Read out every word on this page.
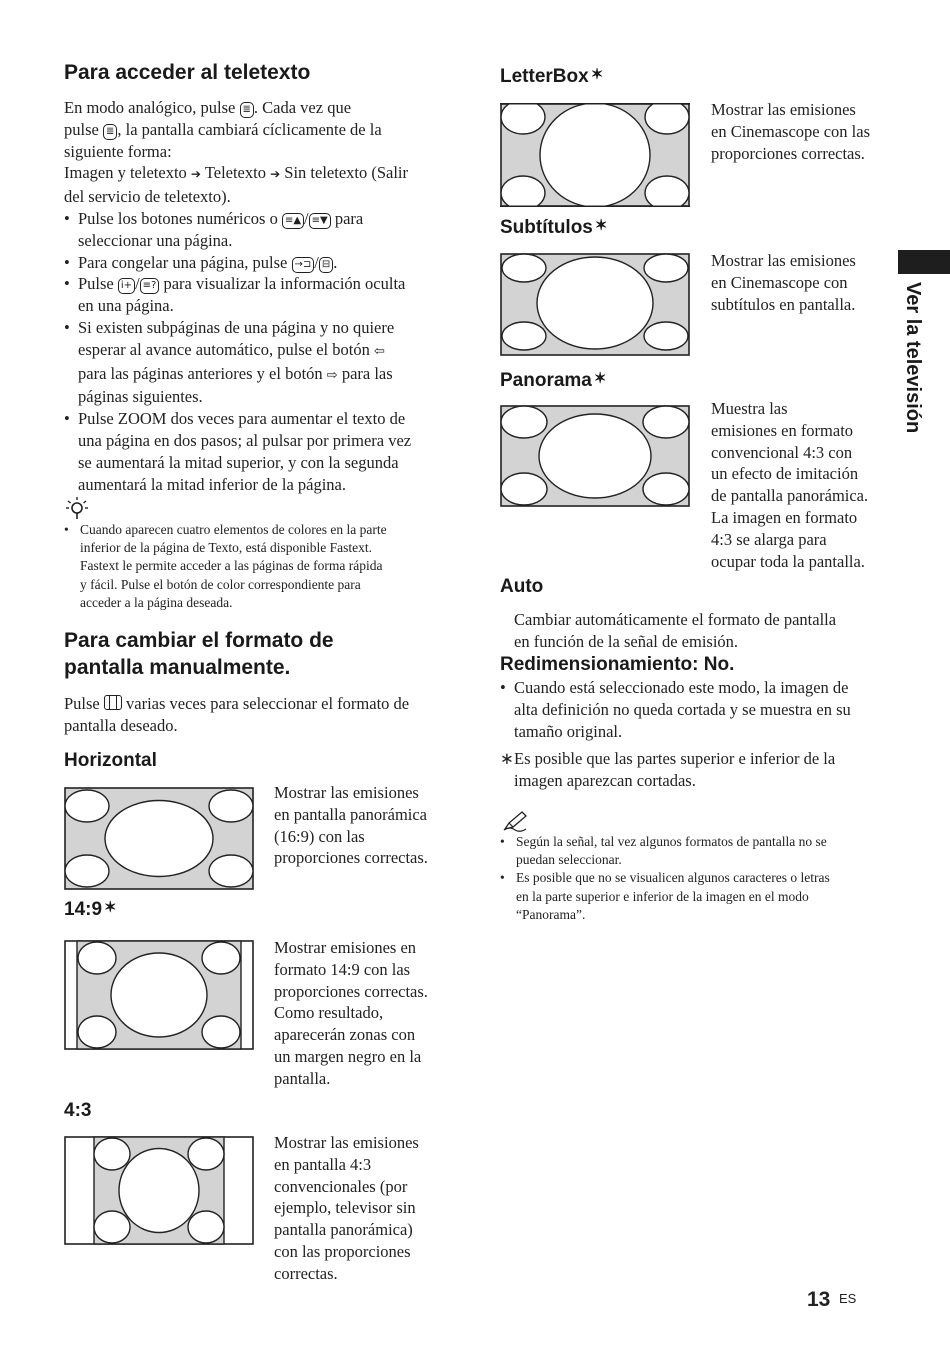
Para acceder al teletexto
En modo analógico, pulse ≣ . Cada vez que
pulse ≣ , la pantalla cambiará cíclicamente de la
siguiente forma:
Imagen y teletexto ➔ Teletexto ➔ Sin teletexto (Salir
del servicio de teletexto).
• Pulse los botones numéricos o ≡▲ / ≡▼ para
seleccionar una página.
• Para congelar una página, pulse →⊐ / ⊟ .
• Pulse i+ / ≡? para visualizar la información oculta
en una página.
• Si existen subpáginas de una página y no quiere
esperar al avance automático, pulse el botón ⇦
para las páginas anteriores y el botón ⇨ para las
páginas siguientes.
• Pulse ZOOM dos veces para aumentar el texto de
una página en dos pasos; al pulsar por primera vez
se aumentará la mitad superior, y con la segunda
aumentará la mitad inferior de la página.
• Cuando aparecen cuatro elementos de colores en la parte
inferior de la página de Texto, está disponible Fastext.
Fastext le permite acceder a las páginas de forma rápida
y fácil. Pulse el botón de color correspondiente para
acceder a la página deseada.
Para cambiar el formato de
pantalla manualmente.
Pulse varias veces para seleccionar el formato de
pantalla deseado.
Horizontal
Mostrar las emisiones
en pantalla panorámica
(16:9) con las
proporciones correctas.
14:9 ✶
Mostrar emisiones en
formato 14:9 con las
proporciones correctas.
Como resultado,
aparecerán zonas con
un margen negro en la
pantalla.
4:3
Mostrar las emisiones
en pantalla 4:3
convencionales (por
ejemplo, televisor sin
pantalla panorámica)
con las proporciones
correctas.
LetterBox ✶
Mostrar las emisiones
en Cinemascope con las
proporciones correctas.
Subtítulos ✶
Mostrar las emisiones
en Cinemascope con
subtítulos en pantalla.
Panorama ✶
Muestra las
emisiones en formato
convencional 4:3 con
un efecto de imitación
de pantalla panorámica.
La imagen en formato
4:3 se alarga para
ocupar toda la pantalla.
Auto
Cambiar automáticamente el formato de pantalla
en función de la señal de emisión.
Redimensionamiento: No.
• Cuando está seleccionado este modo, la imagen de
alta definición no queda cortada y se muestra en su
tamaño original.
∗ Es posible que las partes superior e inferior de la
imagen aparezcan cortadas.
• Según la señal, tal vez algunos formatos de pantalla no se
puedan seleccionar.
• Es posible que no se visualicen algunos caracteres o letras
en la parte superior e inferior de la imagen en el modo
“Panorama”.
Ver la televisión
13 ES
